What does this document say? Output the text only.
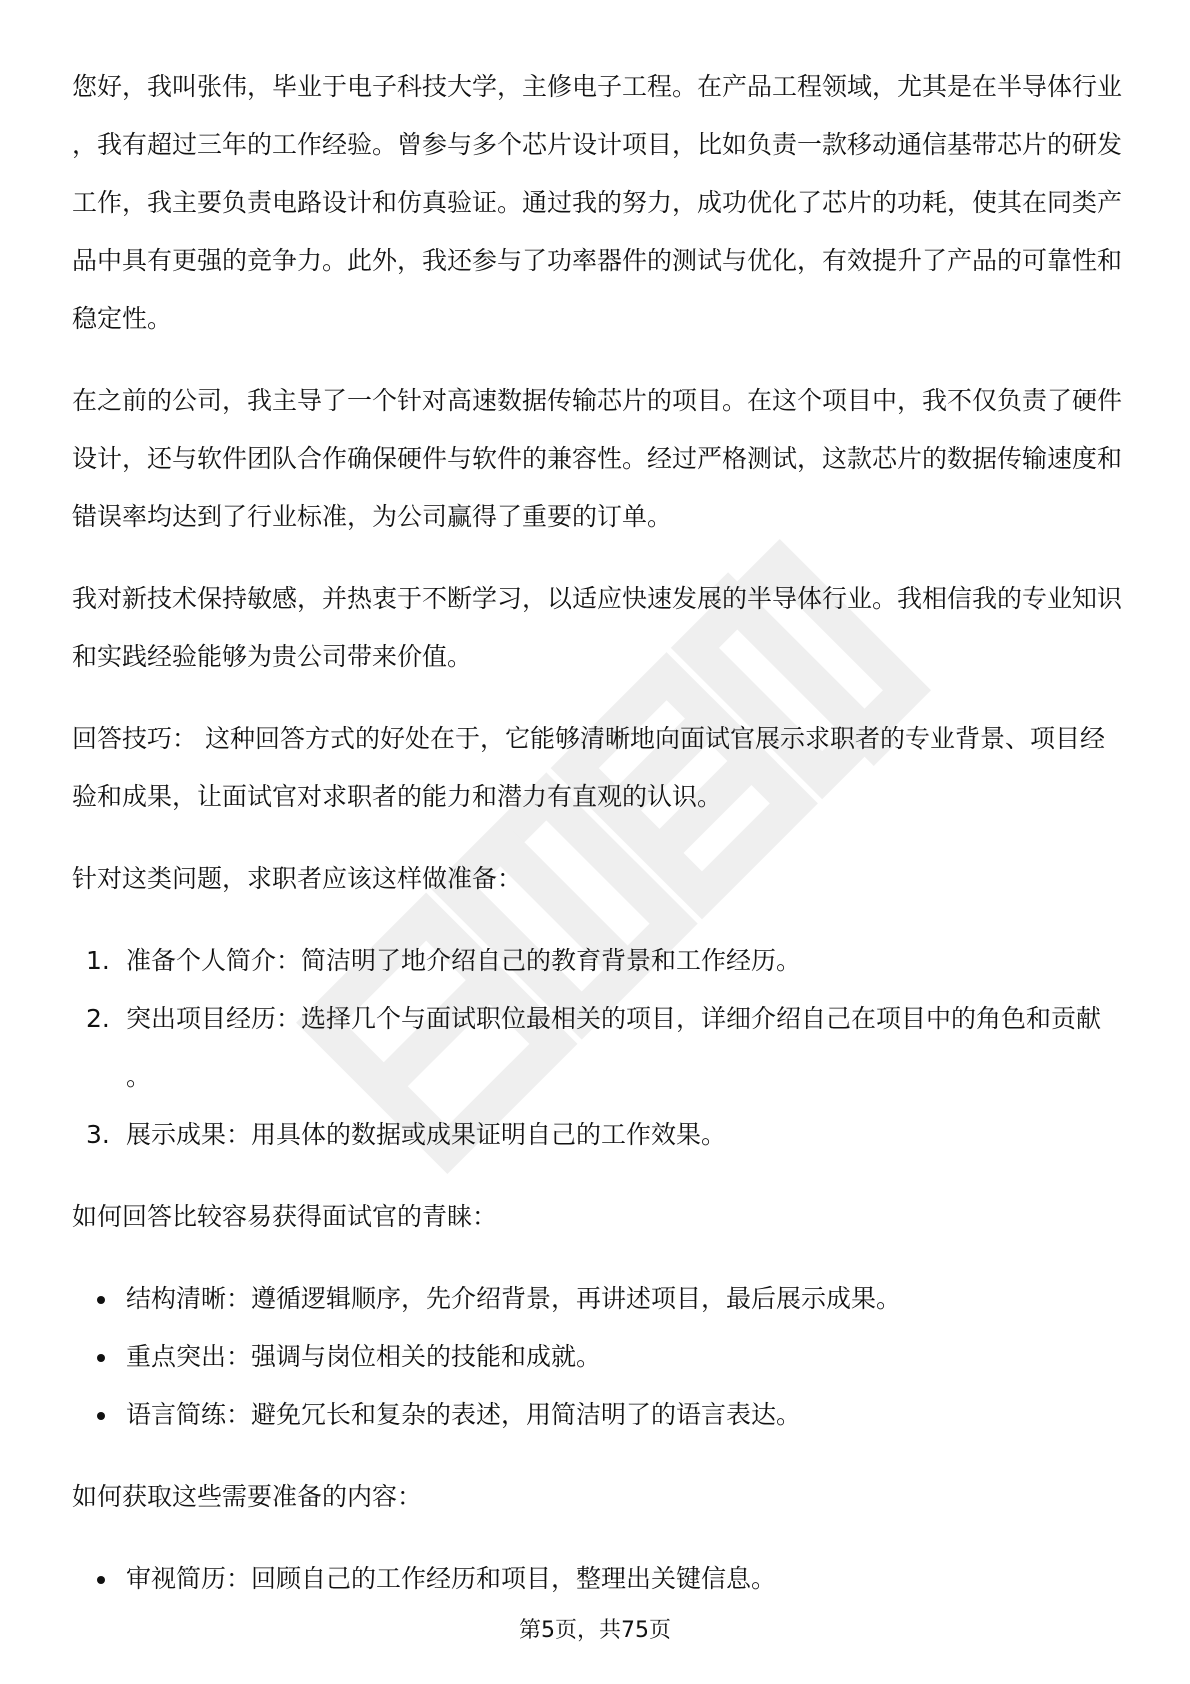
您好，我叫张伟，毕业于电子科技大学，主修电子工程。在产品工程领域，尤其是在半导体行业，我有超过三年的工作经验。曾参与多个芯片设计项目，比如负责一款移动通信基带芯片的研发工作，我主要负责电路设计和仿真验证。通过我的努力，成功优化了芯片的功耗，使其在同类产品中具有更强的竞争力。此外，我还参与了功率器件的测试与优化，有效提升了产品的可靠性和稳定性。

在之前的公司，我主导了一个针对高速数据传输芯片的项目。在这个项目中，我不仅负责了硬件设计，还与软件团队合作确保硬件与软件的兼容性。经过严格测试，这款芯片的数据传输速度和错误率均达到了行业标准，为公司赢得了重要的订单。

我对新技术保持敏感，并热衷于不断学习，以适应快速发展的半导体行业。我相信我的专业知识和实践经验能够为贵公司带来价值。

回答技巧： 这种回答方式的好处在于，它能够清晰地向面试官展示求职者的专业背景、项目经验和成果，让面试官对求职者的能力和潜力有直观的认识。

针对这类问题，求职者应该这样做准备：

1. 准备个人简介：简洁明了地介绍自己的教育背景和工作经历。
2. 突出项目经历：选择几个与面试职位最相关的项目，详细介绍自己在项目中的角色和贡献。
3. 展示成果：用具体的数据或成果证明自己的工作效果。

如何回答比较容易获得面试官的青睐：

结构清晰：遵循逻辑顺序，先介绍背景，再讲述项目，最后展示成果。
重点突出：强调与岗位相关的技能和成就。
语言简练：避免冗长和复杂的表述，用简洁明了的语言表达。

如何获取这些需要准备的内容：

审视简历：回顾自己的工作经历和项目，整理出关键信息。
第5页，共75页
